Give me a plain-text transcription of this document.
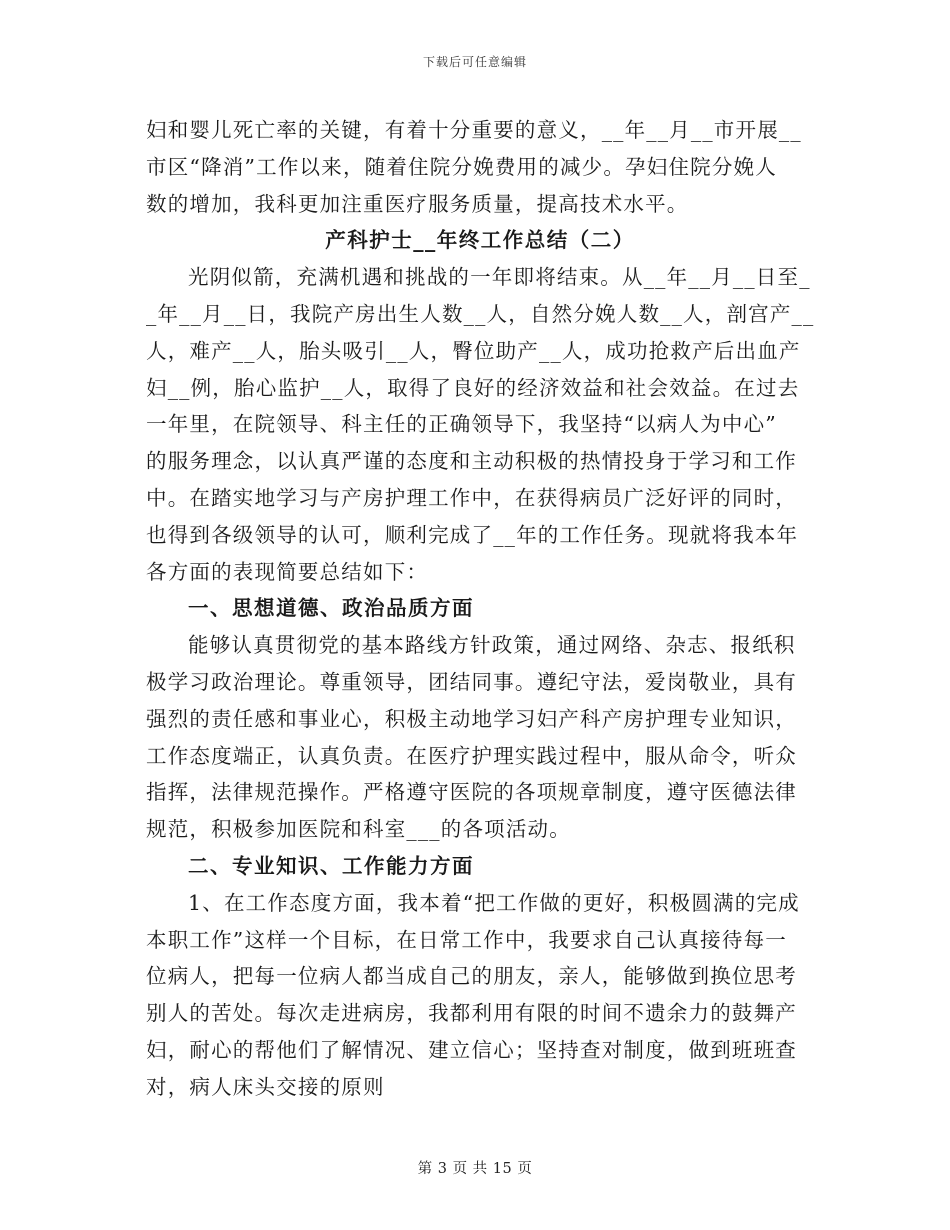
下载后可任意编辑
妇和婴儿死亡率的关键，有着十分重要的意义，__年__月__市开展__
市区“降消”工作以来，随着住院分娩费用的减少。孕妇住院分娩人
数的增加，我科更加注重医疗服务质量，提高技术水平。
产科护士__年终工作总结（二）
光阴似箭，充满机遇和挑战的一年即将结束。从__年__月__日至_
_年__月__日，我院产房出生人数__人，自然分娩人数__人，剖宫产__
人，难产__人，胎头吸引__人，臀位助产__人，成功抢救产后出血产
妇__例，胎心监护__人，取得了良好的经济效益和社会效益。在过去
一年里，在院领导、科主任的正确领导下，我坚持“以病人为中心”
的服务理念，以认真严谨的态度和主动积极的热情投身于学习和工作
中。在踏实地学习与产房护理工作中，在获得病员广泛好评的同时，
也得到各级领导的认可，顺利完成了__年的工作任务。现就将我本年
各方面的表现简要总结如下：
一、思想道德、政治品质方面
能够认真贯彻党的基本路线方针政策，通过网络、杂志、报纸积
极学习政治理论。尊重领导，团结同事。遵纪守法，爱岗敬业，具有
强烈的责任感和事业心，积极主动地学习妇产科产房护理专业知识，
工作态度端正，认真负责。在医疗护理实践过程中，服从命令，听众
指挥，法律规范操作。严格遵守医院的各项规章制度，遵守医德法律
规范，积极参加医院和科室___的各项活动。
二、专业知识、工作能力方面
1、在工作态度方面，我本着“把工作做的更好，积极圆满的完成
本职工作”这样一个目标，在日常工作中，我要求自己认真接待每一
位病人，把每一位病人都当成自己的朋友，亲人，能够做到换位思考
别人的苦处。每次走进病房，我都利用有限的时间不遗余力的鼓舞产
妇，耐心的帮他们了解情况、建立信心；坚持查对制度，做到班班查
对，病人床头交接的原则
第 3 页 共 15 页
